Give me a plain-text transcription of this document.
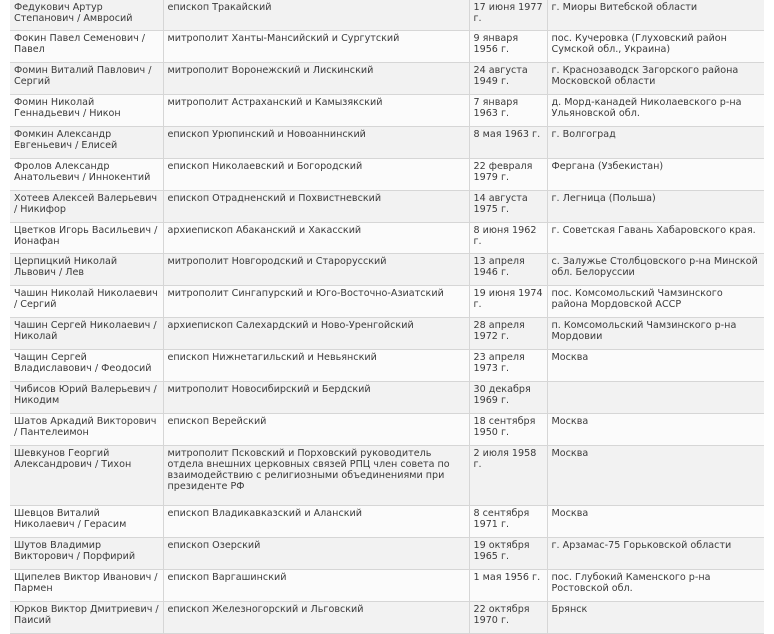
Федукович Артур Степанович / Амвросий	епископ Тракайский	17 июня 1977 г.	г. Миоры Витебской области
Фокин Павел Семенович / Павел	митрополит Ханты-Мансийский и Сургутский	9 января 1956 г.	пос. Кучеровка (Глуховский район Сумской обл., Украина)
Фомин Виталий Павлович / Сергий	митрополит Воронежский и Лискинский	24 августа 1949 г.	г. Краснозаводск Загорского района Московской области
Фомин Николай Геннадьевич / Никон	митрополит Астраханский и Камызякский	7 января 1963 г.	д. Морд-канадей Николаевского р-на Ульяновской обл.
Фомкин Александр Евгеньевич / Елисей	епископ Урюпинский и Новоаннинский	8 мая 1963 г.	г. Волгоград
Фролов Александр Анатольевич / Иннокентий	епископ Николаевский и Богородский	22 февраля 1979 г.	Фергана (Узбекистан)
Хотеев Алексей Валерьевич / Никифор	епископ Отрадненский и Похвистневский	14 августа 1975 г.	г. Легница (Польша)
Цветков Игорь Васильевич / Ионафан	архиепископ Абаканский и Хакасский	8 июня 1962 г.	г. Советская Гавань Хабаровского края.
Церпицкий Николай Львович / Лев	митрополит Новгородский и Старорусский	13 апреля 1946 г.	с. Залужье Столбцовского р-на Минской обл. Белоруссии
Чашин Николай Николаевич / Сергий	митрополит Сингапурский и Юго-Восточно-Азиатский	19 июня 1974 г.	пос. Комсомольский Чамзинского района Мордовской АССР
Чашин Сергей Николаевич / Николай	архиепископ Салехардский и Ново-Уренгойский	28 апреля 1972 г.	п. Комсомольский Чамзинского р-на Мордовии
Чащин Сергей Владиславович / Феодосий	епископ Нижнетагильский и Невьянский	23 апреля 1973 г.	Москва
Чибисов Юрий Валерьевич / Никодим	митрополит Новосибирский и Бердский	30 декабря 1969 г.	
Шатов Аркадий Викторович / Пантелеимон	епископ Верейский	18 сентября 1950 г.	Москва
Шевкунов Георгий Александрович / Тихон	митрополит Псковский и Порховский руководитель отдела внешних церковных связей РПЦ член совета по взаимодействию с религиозными объединениями при президенте РФ	2 июля 1958 г.	Москва
Шевцов Виталий Николаевич / Герасим	епископ Владикавказский и Аланский	8 сентября 1971 г.	Москва
Шутов Владимир Викторович / Порфирий	епископ Озерский	19 октября 1965 г.	г. Арзамас-75 Горьковской области
Щипелев Виктор Иванович / Пармен	епископ Варгашинский	1 мая 1956 г.	пос. Глубокий Каменского р-на Ростовской обл.
Юрков Виктор Дмитриевич / Паисий	епископ Железногорский и Льговский	22 октября 1970 г.	Брянск
